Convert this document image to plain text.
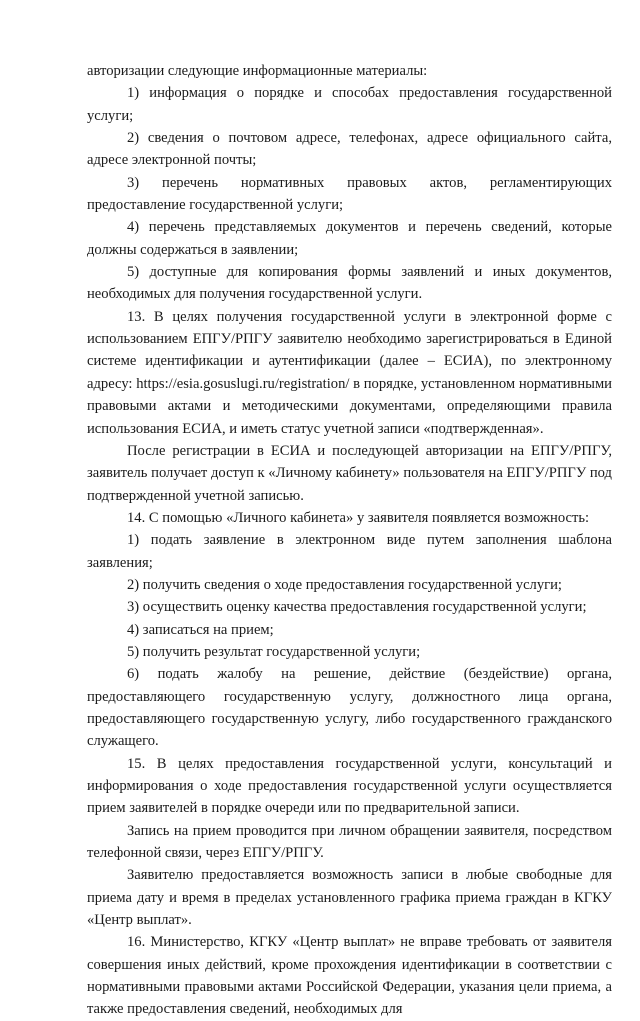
авторизации следующие информационные материалы:

1) информация о порядке и способах предоставления государственной услуги;

2) сведения о почтовом адресе, телефонах, адресе официального сайта, адресе электронной почты;

3) перечень нормативных правовых актов, регламентирующих предоставление государственной услуги;

4) перечень представляемых документов и перечень сведений, которые должны содержаться в заявлении;

5) доступные для копирования формы заявлений и иных документов, необходимых для получения государственной услуги.

13. В целях получения государственной услуги в электронной форме с использованием ЕПГУ/РПГУ заявителю необходимо зарегистрироваться в Единой системе идентификации и аутентификации (далее – ЕСИА), по электронному адресу: https://esia.gosuslugi.ru/registration/ в порядке, установленном нормативными правовыми актами и методическими документами, определяющими правила использования ЕСИА, и иметь статус учетной записи «подтвержденная».

После регистрации в ЕСИА и последующей авторизации на ЕПГУ/РПГУ, заявитель получает доступ к «Личному кабинету» пользователя на ЕПГУ/РПГУ под подтвержденной учетной записью.

14. С помощью «Личного кабинета» у заявителя появляется возможность:

1) подать заявление в электронном виде путем заполнения шаблона заявления;

2) получить сведения о ходе предоставления государственной услуги;

3) осуществить оценку качества предоставления государственной услуги;

4) записаться на прием;

5) получить результат государственной услуги;

6) подать жалобу на решение, действие (бездействие) органа, предоставляющего государственную услугу, должностного лица органа, предоставляющего государственную услугу, либо государственного гражданского служащего.

15. В целях предоставления государственной услуги, консультаций и информирования о ходе предоставления государственной услуги осуществляется прием заявителей в порядке очереди или по предварительной записи.

Запись на прием проводится при личном обращении заявителя, посредством телефонной связи, через ЕПГУ/РПГУ.

Заявителю предоставляется возможность записи в любые свободные для приема дату и время в пределах установленного графика приема граждан в КГКУ «Центр выплат».

16. Министерство, КГКУ «Центр выплат» не вправе требовать от заявителя совершения иных действий, кроме прохождения идентификации в соответствии с нормативными правовыми актами Российской Федерации, указания цели приема, а также предоставления сведений, необходимых для
